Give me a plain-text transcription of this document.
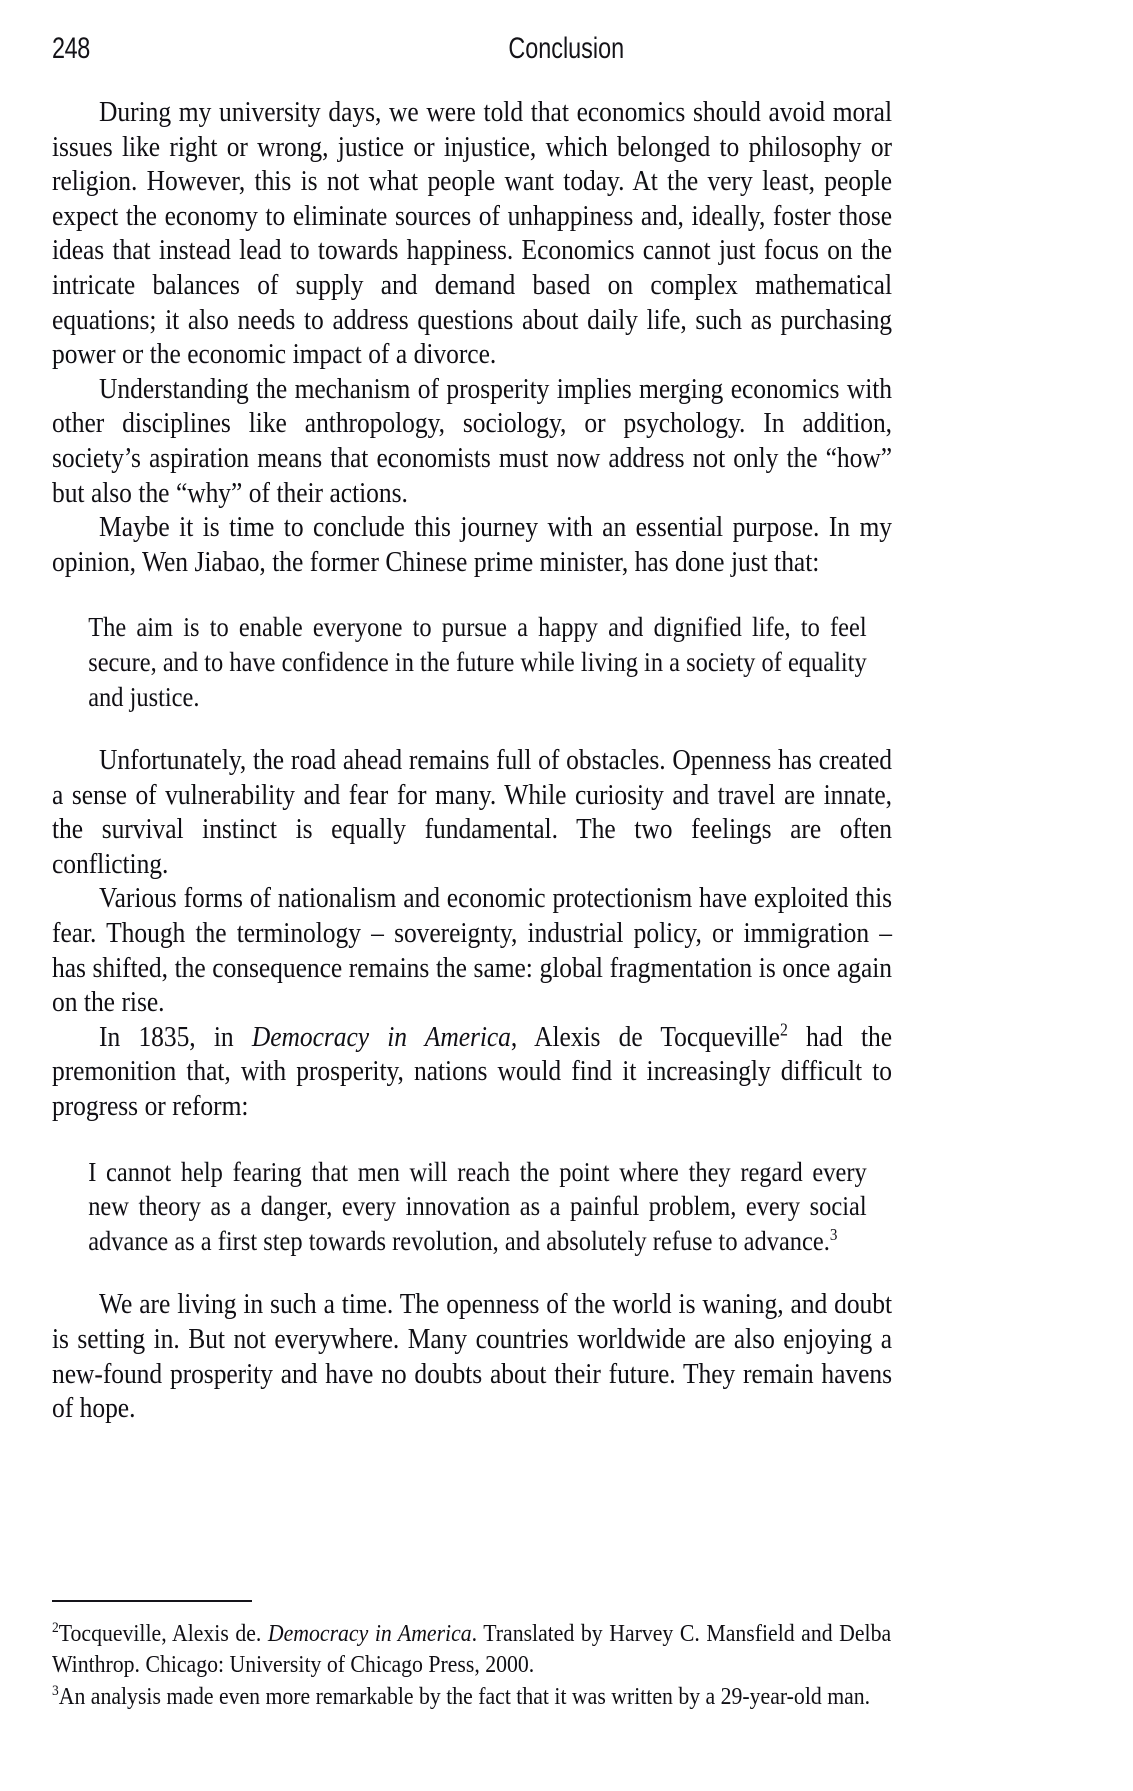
248	Conclusion

During my university days, we were told that economics should avoid moral issues like right or wrong, justice or injustice, which belonged to philosophy or religion. However, this is not what people want today. At the very least, people expect the economy to eliminate sources of unhappiness and, ideally, foster those ideas that instead lead to towards happiness. Economics cannot just focus on the intricate balances of supply and demand based on complex mathematical equations; it also needs to address questions about daily life, such as purchasing power or the economic impact of a divorce.

Understanding the mechanism of prosperity implies merging economics with other disciplines like anthropology, sociology, or psychology. In addition, society’s aspiration means that economists must now address not only the “how” but also the “why” of their actions.

Maybe it is time to conclude this journey with an essential purpose. In my opinion, Wen Jiabao, the former Chinese prime minister, has done just that:

The aim is to enable everyone to pursue a happy and dignified life, to feel secure, and to have confidence in the future while living in a society of equality and justice.

Unfortunately, the road ahead remains full of obstacles. Openness has created a sense of vulnerability and fear for many. While curiosity and travel are innate, the survival instinct is equally fundamental. The two feelings are often conflicting.

Various forms of nationalism and economic protectionism have exploited this fear. Though the terminology – sovereignty, industrial policy, or immigration – has shifted, the consequence remains the same: global fragmentation is once again on the rise.

In 1835, in Democracy in America, Alexis de Tocqueville$^2$ had the premonition that, with prosperity, nations would find it increasingly difficult to progress or reform:

I cannot help fearing that men will reach the point where they regard every new theory as a danger, every innovation as a painful problem, every social advance as a first step towards revolution, and absolutely refuse to advance.$^3$

We are living in such a time. The openness of the world is waning, and doubt is setting in. But not everywhere. Many countries worldwide are also enjoying a new-found prosperity and have no doubts about their future. They remain havens of hope.

$^2$Tocqueville, Alexis de. Democracy in America. Translated by Harvey C. Mansfield and Delba Winthrop. Chicago: University of Chicago Press, 2000.

$^3$An analysis made even more remarkable by the fact that it was written by a 29-year-old man.
